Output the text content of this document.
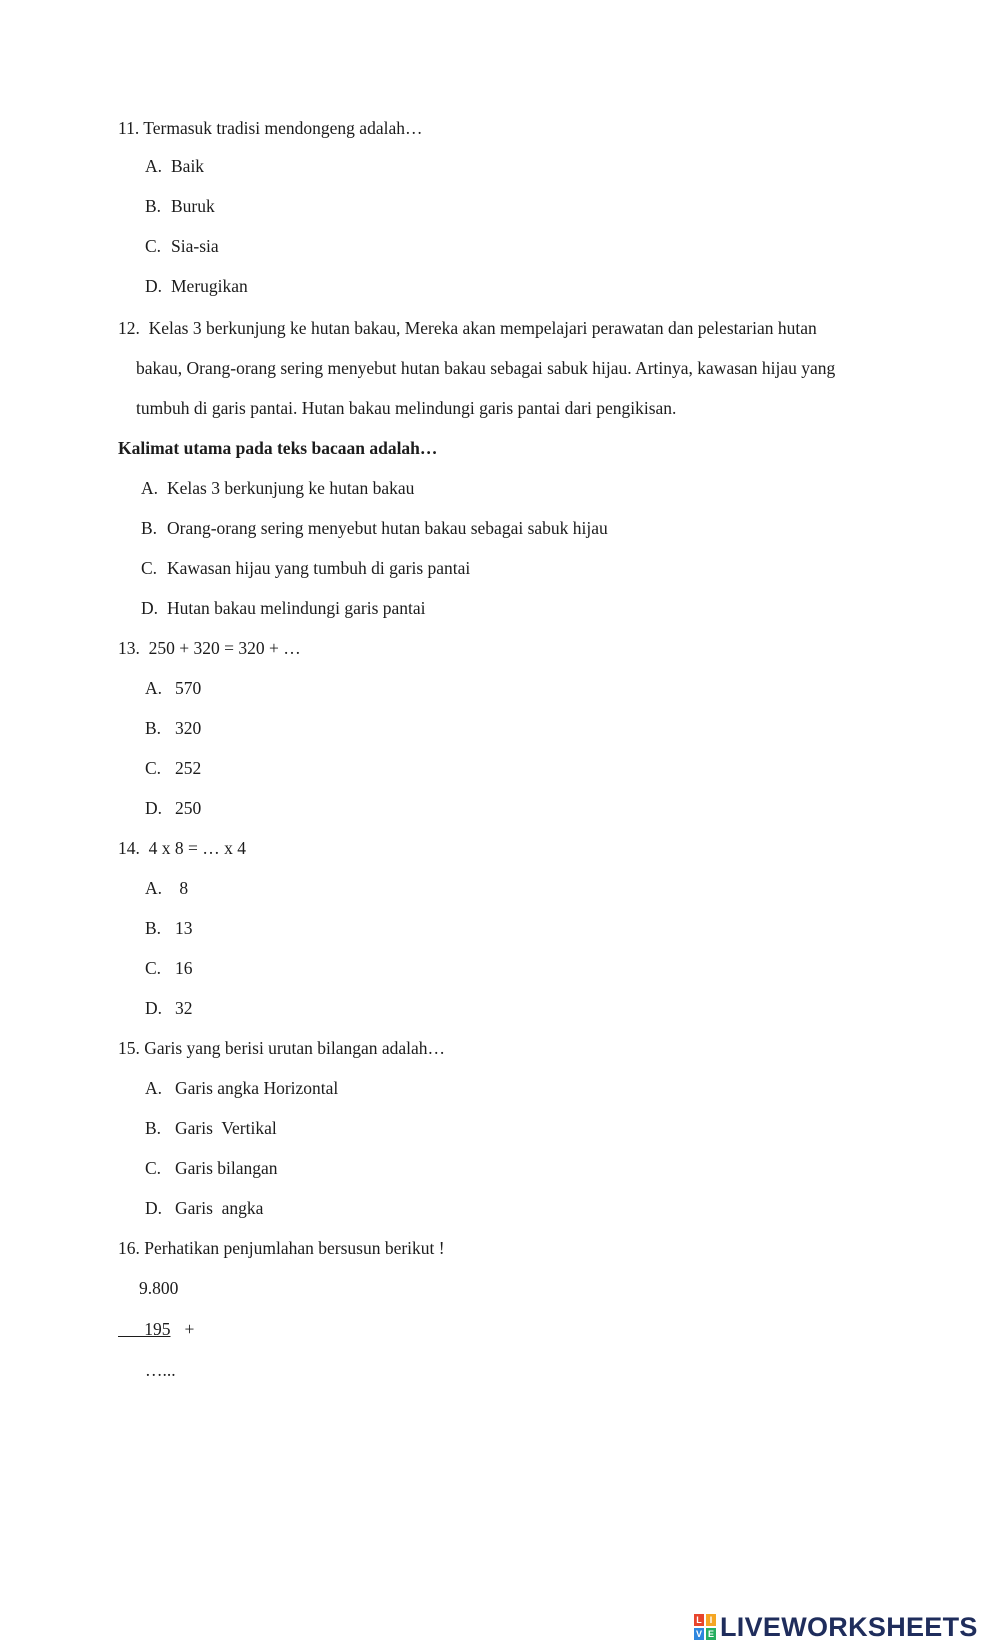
11. Termasuk tradisi mendongeng adalah…
A. Baik
B. Buruk
C. Sia-sia
D. Merugikan
12.  Kelas 3 berkunjung ke hutan bakau, Mereka akan mempelajari perawatan dan pelestarian hutan
bakau, Orang-orang sering menyebut hutan bakau sebagai sabuk hijau. Artinya, kawasan hijau yang
tumbuh di garis pantai. Hutan bakau melindungi garis pantai dari pengikisan.
Kalimat utama pada teks bacaan adalah…
A. Kelas 3 berkunjung ke hutan bakau
B. Orang-orang sering menyebut hutan bakau sebagai sabuk hijau
C. Kawasan hijau yang tumbuh di garis pantai
D. Hutan bakau melindungi garis pantai
13.  250 + 320 = 320 + …
A. 570
B. 320
C. 252
D. 250
14.  4 x 8 = … x 4
A. 8
B. 13
C. 16
D. 32
15. Garis yang berisi urutan bilangan adalah…
A. Garis angka Horizontal
B. Garis  Vertikal
C. Garis bilangan
D. Garis  angka
16. Perhatikan penjumlahan bersusun berikut !
9.800
195 +
…...
L I
V E LIVEWORKSHEETS
